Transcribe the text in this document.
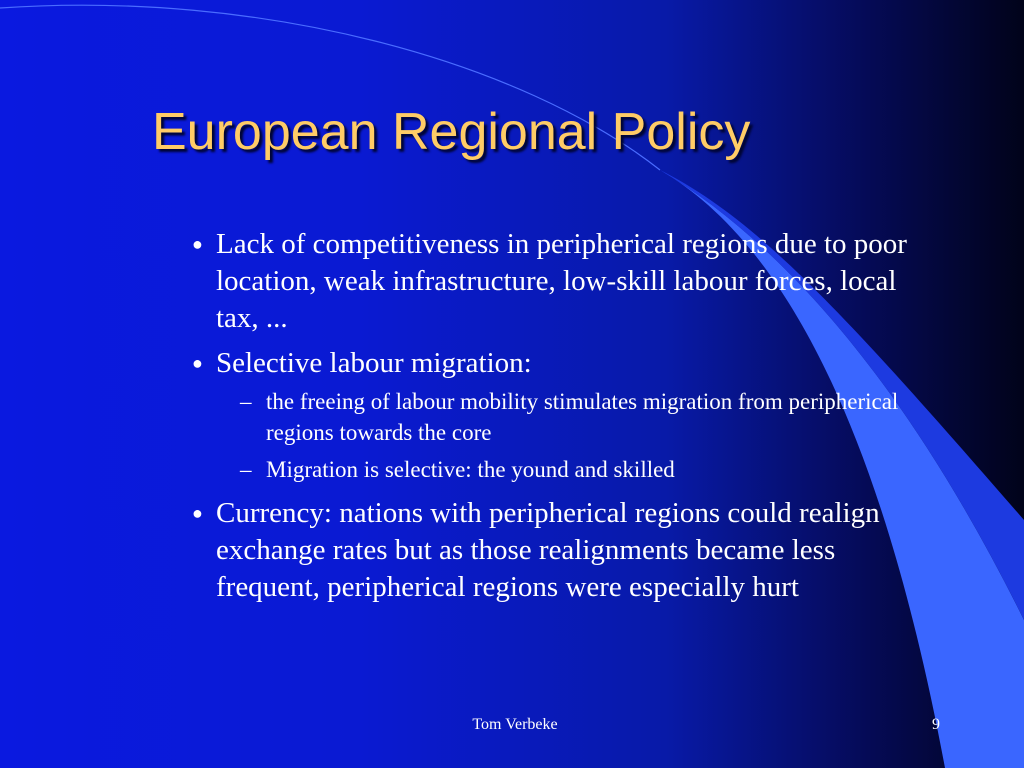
European Regional Policy
● Lack of competitiveness in peripherical regions due to poor location, weak infrastructure, low-skill labour forces, local tax, ...
● Selective labour migration:
– the freeing of labour mobility stimulates migration from peripherical regions towards the core
– Migration is selective: the yound and skilled
● Currency: nations with peripherical regions could realign exchange rates but as those realignments became less frequent, peripherical regions were especially hurt
Tom Verbeke	9
